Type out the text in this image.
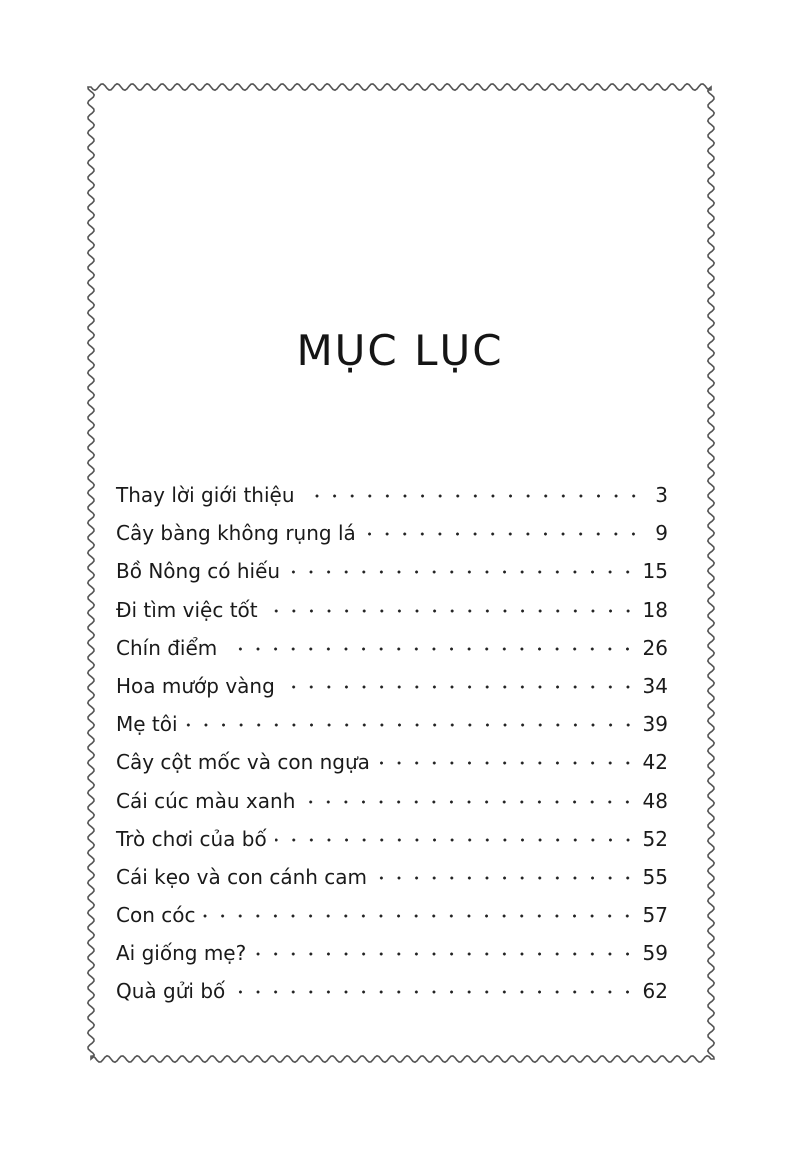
MỤC LỤC
Thay lời giới thiệu	3
Cây bàng không rụng lá	9
Bồ Nông có hiếu	15
Đi tìm việc tốt	18
Chín điểm	26
Hoa mướp vàng	34
Mẹ tôi	39
Cây cột mốc và con ngựa	42
Cái cúc màu xanh	48
Trò chơi của bố	52
Cái kẹo và con cánh cam	55
Con cóc	57
Ai giống mẹ?	59
Quà gửi bố	62
